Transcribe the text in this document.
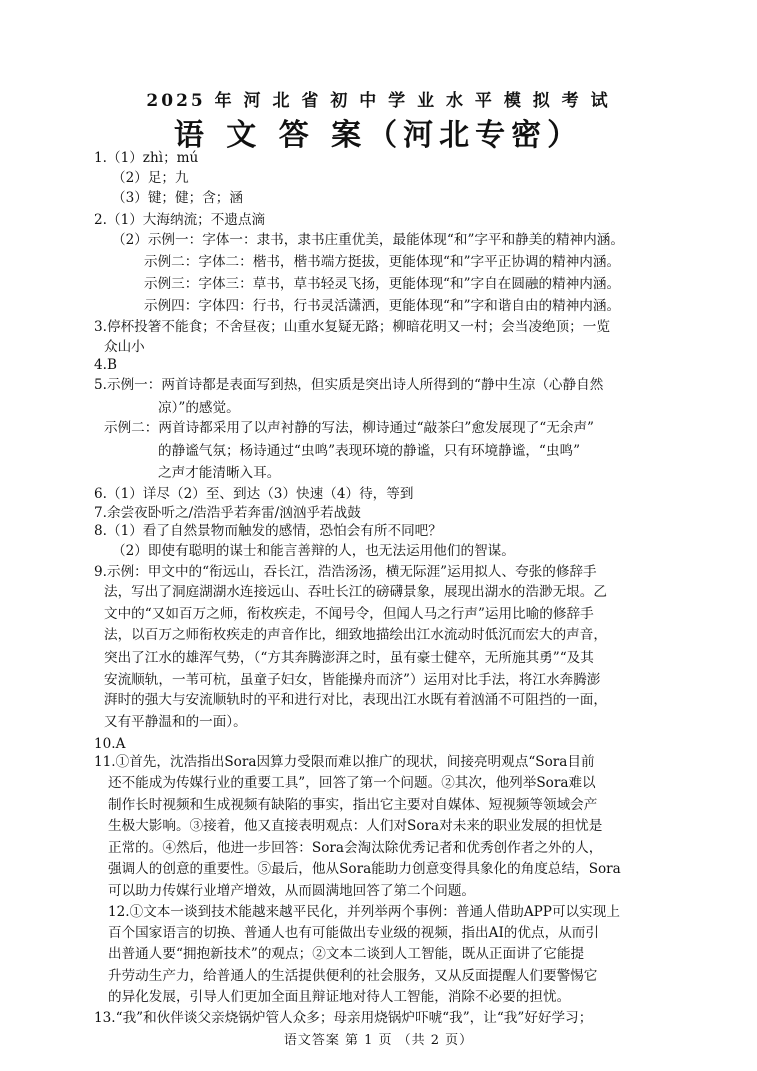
2025 年 河 北 省 初 中 学 业 水 平 模 拟 考 试
语 文 答 案（河北专密）
1.（1）zhì；mú
（2）足；九
（3）键；健；含；涵
2.（1）大海纳流；不遗点滴
（2）示例一：字体一：隶书，隶书庄重优美，最能体现“和”字平和静美的精神内涵。
示例二：字体二：楷书，楷书端方挺拔，更能体现“和”字平正协调的精神内涵。
示例三：字体三：草书，草书轻灵飞扬，更能体现“和”字自在圆融的精神内涵。
示例四：字体四：行书，行书灵活潇洒，更能体现“和”字和谐自由的精神内涵。
3.停杯投箸不能食；不舍昼夜；山重水复疑无路；柳暗花明又一村；会当凌绝顶；一览
众山小
4.B
5.示例一：两首诗都是表面写到热，但实质是突出诗人所得到的“静中生凉（心静自然
凉）”的感觉。
示例二：两首诗都采用了以声衬静的写法，柳诗通过“敲茶臼”愈发展现了“无余声”
的静谧气氛；杨诗通过“虫鸣”表现环境的静谧，只有环境静谧，“虫鸣”
之声才能清晰入耳。
6.（1）详尽（2）至、到达（3）快速（4）待，等到
7.余尝夜卧听之/浩浩乎若奔雷/汹汹乎若战鼓
8.（1）看了自然景物而触发的感情，恐怕会有所不同吧？
（2）即使有聪明的谋士和能言善辩的人，也无法运用他们的智谋。
9.示例：甲文中的“衔远山，吞长江，浩浩汤汤，横无际涯”运用拟人、夸张的修辞手
法，写出了洞庭湖湖水连接远山、吞吐长江的磅礴景象，展现出湖水的浩渺无垠。乙
文中的“又如百万之师，衔枚疾走，不闻号令，但闻人马之行声”运用比喻的修辞手
法，以百万之师衔枚疾走的声音作比，细致地描绘出江水流动时低沉而宏大的声音，
突出了江水的雄浑气势，（“方其奔腾澎湃之时，虽有豪士健卒，无所施其勇”“及其
安流顺轨，一苇可杭，虽童子妇女，皆能操舟而济”）运用对比手法，将江水奔腾澎
湃时的强大与安流顺轨时的平和进行对比，表现出江水既有着汹涌不可阻挡的一面，
又有平静温和的一面）。
10.A
11.①首先，沈浩指出Sora因算力受限而难以推广的现状，间接亮明观点“Sora目前
还不能成为传媒行业的重要工具”，回答了第一个问题。②其次，他列举Sora难以
制作长时视频和生成视频有缺陷的事实，指出它主要对自媒体、短视频等领域会产
生极大影响。③接着，他又直接表明观点：人们对Sora对未来的职业发展的担忧是
正常的。④然后，他进一步回答：Sora会淘汰除优秀记者和优秀创作者之外的人，
强调人的创意的重要性。⑤最后，他从Sora能助力创意变得具象化的角度总结，Sora
可以助力传媒行业增产增效，从而圆满地回答了第二个问题。
12.①文本一谈到技术能越来越平民化，并列举两个事例：普通人借助APP可以实现上
百个国家语言的切换、普通人也有可能做出专业级的视频，指出AI的优点，从而引
出普通人要“拥抱新技术”的观点；②文本二谈到人工智能，既从正面讲了它能提
升劳动生产力，给普通人的生活提供便利的社会服务，又从反面提醒人们要警惕它
的异化发展，引导人们更加全面且辩证地对待人工智能，消除不必要的担忧。
13.“我”和伙伴谈父亲烧锅炉管人众多；母亲用烧锅炉吓唬“我”，让“我”好好学习；
语文答案 第 1 页 （共 2 页）
